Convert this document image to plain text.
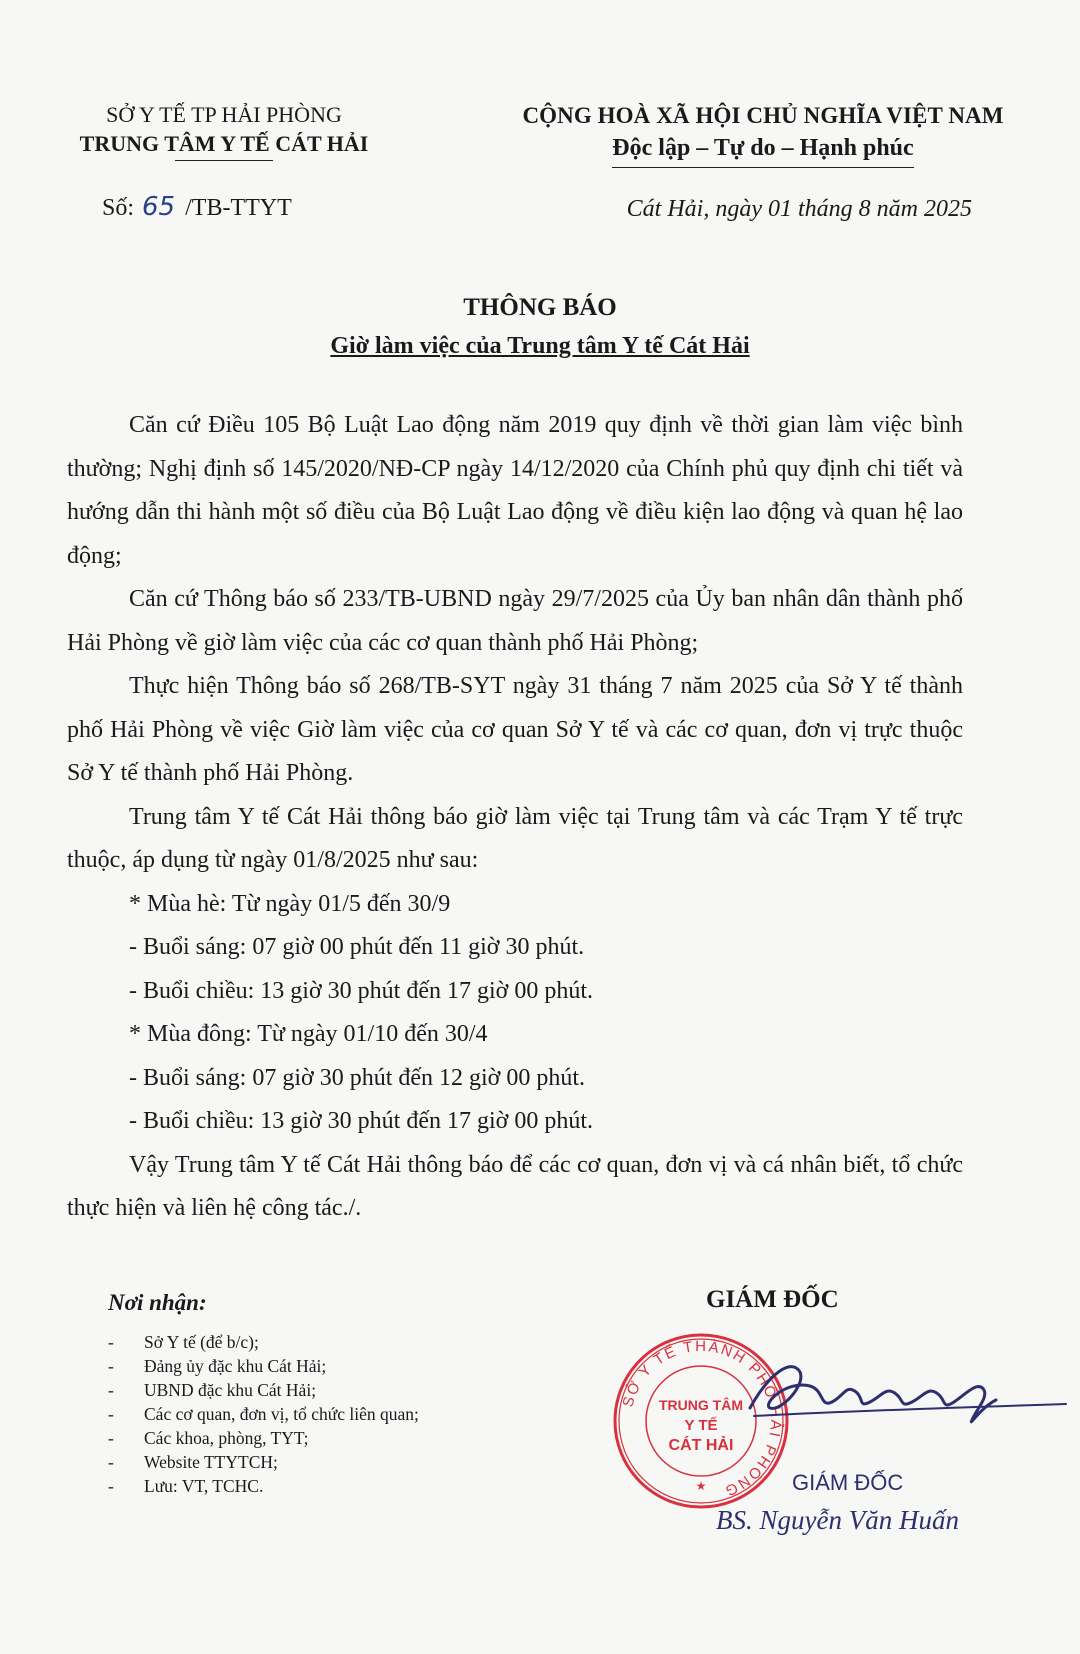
SỞ Y TẾ TP HẢI PHÒNG
TRUNG TÂM Y TẾ CÁT HẢI
CỘNG HOÀ XÃ HỘI CHỦ NGHĨA VIỆT NAM
Độc lập – Tự do – Hạnh phúc
Số: 65 /TB-TTYT	Cát Hải, ngày 01 tháng 8 năm 2025
THÔNG BÁO
Giờ làm việc của Trung tâm Y tế Cát Hải

Căn cứ Điều 105 Bộ Luật Lao động năm 2019 quy định về thời gian làm việc bình thường; Nghị định số 145/2020/NĐ-CP ngày 14/12/2020 của Chính phủ quy định chi tiết và hướng dẫn thi hành một số điều của Bộ Luật Lao động về điều kiện lao động và quan hệ lao động;

Căn cứ Thông báo số 233/TB-UBND ngày 29/7/2025 của Ủy ban nhân dân thành phố Hải Phòng về giờ làm việc của các cơ quan thành phố Hải Phòng;

Thực hiện Thông báo số 268/TB-SYT ngày 31 tháng 7 năm 2025 của Sở Y tế thành phố Hải Phòng về việc Giờ làm việc của cơ quan Sở Y tế và các cơ quan, đơn vị trực thuộc Sở Y tế thành phố Hải Phòng.

Trung tâm Y tế Cát Hải thông báo giờ làm việc tại Trung tâm và các Trạm Y tế trực thuộc, áp dụng từ ngày 01/8/2025 như sau:

* Mùa hè: Từ ngày 01/5 đến 30/9
- Buổi sáng: 07 giờ 00 phút đến 11 giờ 30 phút.
- Buổi chiều: 13 giờ 30 phút đến 17 giờ 00 phút.
* Mùa đông: Từ ngày 01/10 đến 30/4
- Buổi sáng: 07 giờ 30 phút đến 12 giờ 00 phút.
- Buổi chiều: 13 giờ 30 phút đến 17 giờ 00 phút.

Vậy Trung tâm Y tế Cát Hải thông báo để các cơ quan, đơn vị và cá nhân biết, tổ chức thực hiện và liên hệ công tác./.

Nơi nhận:
- Sở Y tế (để b/c);
- Đảng ủy đặc khu Cát Hải;
- UBND đặc khu Cát Hải;
- Các cơ quan, đơn vị, tổ chức liên quan;
- Các khoa, phòng, TYT;
- Website TTYTCH;
- Lưu: VT, TCHC.
GIÁM ĐỐC
SỞ Y TẾ THÀNH PHỐ HẢI PHÒNG
TRUNG TÂM
Y TẾ
CÁT HẢI
★	GIÁM ĐỐC
BS. Nguyễn Văn Huấn
